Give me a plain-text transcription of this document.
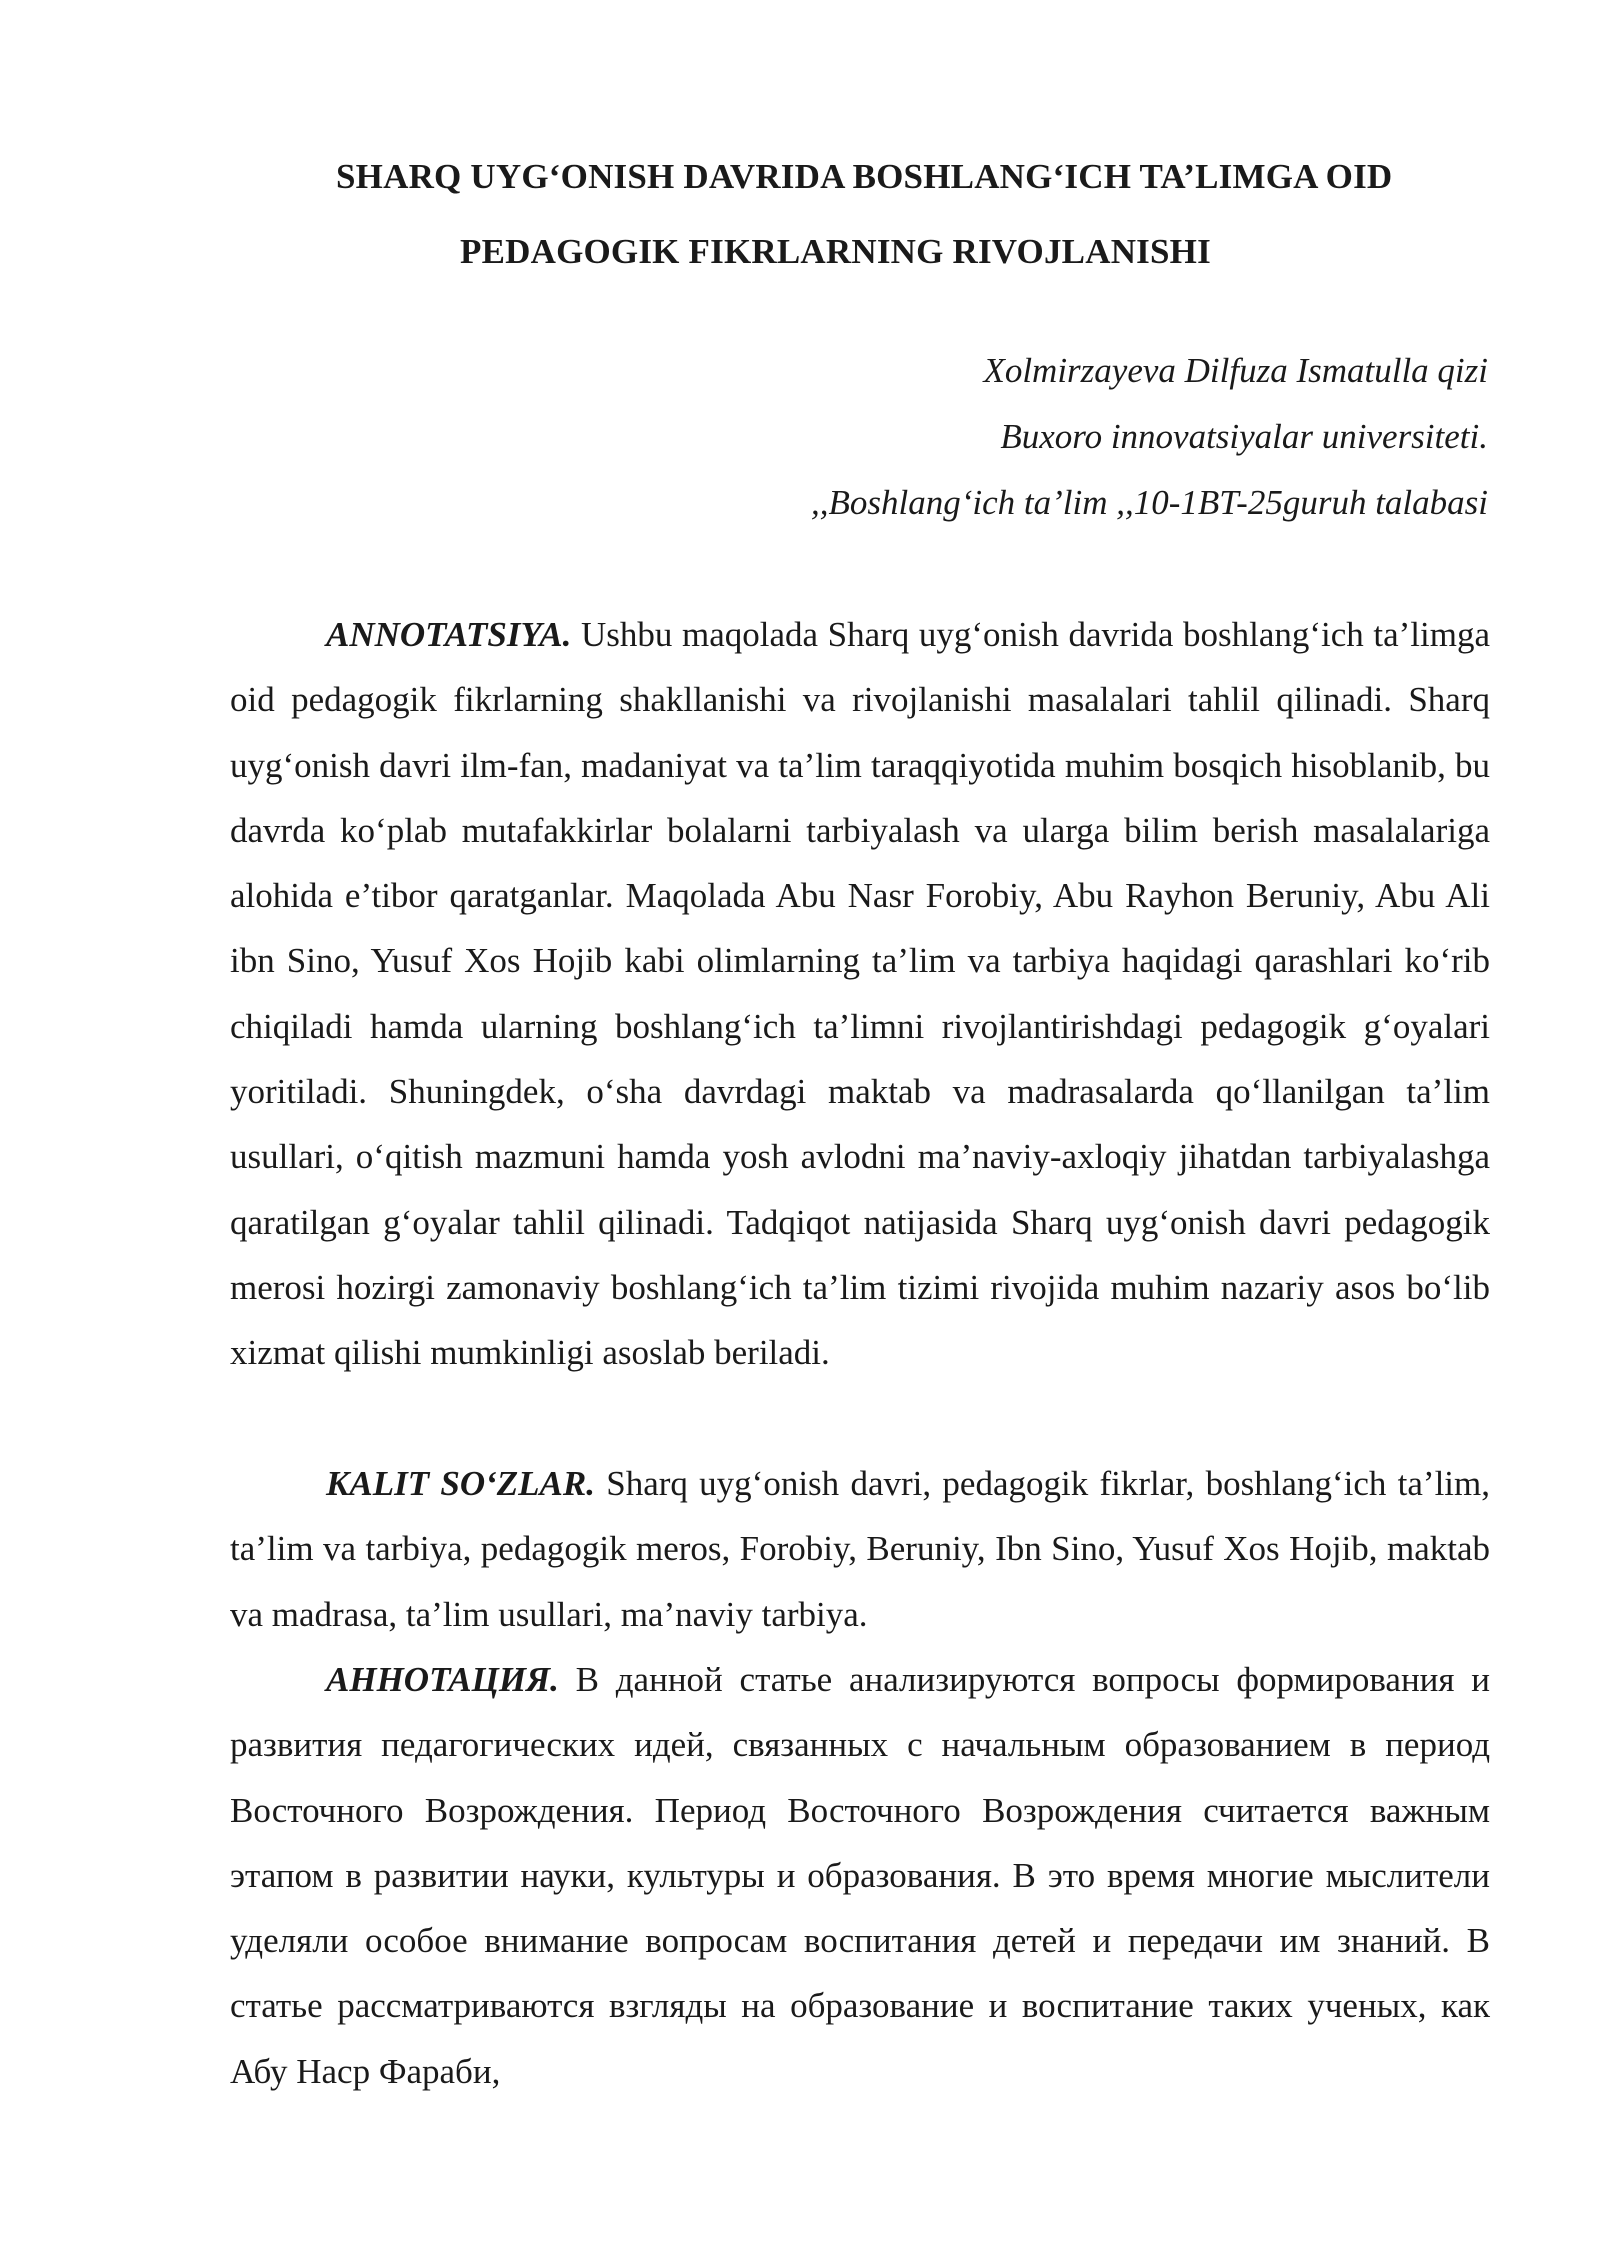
SHARQ UYG‘ONISH DAVRIDA BOSHLANG‘ICH TA’LIMGA OID
PEDAGOGIK FIKRLARNING RIVOJLANISHI
Xolmirzayeva Dilfuza Ismatulla qizi
Buxoro innovatsiyalar universiteti.
,,Boshlang‘ich ta’lim ,,10-1BT-25guruh talabasi

ANNOTATSIYA. Ushbu maqolada Sharq uyg‘onish davrida boshlang‘ich ta’limga oid pedagogik fikrlarning shakllanishi va rivojlanishi masalalari tahlil qilinadi. Sharq uyg‘onish davri ilm-fan, madaniyat va ta’lim taraqqiyotida muhim bosqich hisoblanib, bu davrda ko‘plab mutafakkirlar bolalarni tarbiyalash va ularga bilim berish masalalariga alohida e’tibor qaratganlar. Maqolada Abu Nasr Forobiy, Abu Rayhon Beruniy, Abu Ali ibn Sino, Yusuf Xos Hojib kabi olimlarning ta’lim va tarbiya haqidagi qarashlari ko‘rib chiqiladi hamda ularning boshlang‘ich ta’limni rivojlantirishdagi pedagogik g‘oyalari yoritiladi. Shuningdek, o‘sha davrdagi maktab va madrasalarda qo‘llanilgan ta’lim usullari, o‘qitish mazmuni hamda yosh avlodni ma’naviy-axloqiy jihatdan tarbiyalashga qaratilgan g‘oyalar tahlil qilinadi. Tadqiqot natijasida Sharq uyg‘onish davri pedagogik merosi hozirgi zamonaviy boshlang‘ich ta’lim tizimi rivojida muhim nazariy asos bo‘lib xizmat qilishi mumkinligi asoslab beriladi.

KALIT SO‘ZLAR. Sharq uyg‘onish davri, pedagogik fikrlar, boshlang‘ich ta’lim, ta’lim va tarbiya, pedagogik meros, Forobiy, Beruniy, Ibn Sino, Yusuf Xos Hojib, maktab va madrasa, ta’lim usullari, ma’naviy tarbiya.

АННОТАЦИЯ. В данной статье анализируются вопросы формирования и развития педагогических идей, связанных с начальным образованием в период Восточного Возрождения. Период Восточного Возрождения считается важным этапом в развитии науки, культуры и образования. В это время многие мыслители уделяли особое внимание вопросам воспитания детей и передачи им знаний. В статье рассматриваются взгляды на образование и воспитание таких ученых, как Абу Наср Фараби,
